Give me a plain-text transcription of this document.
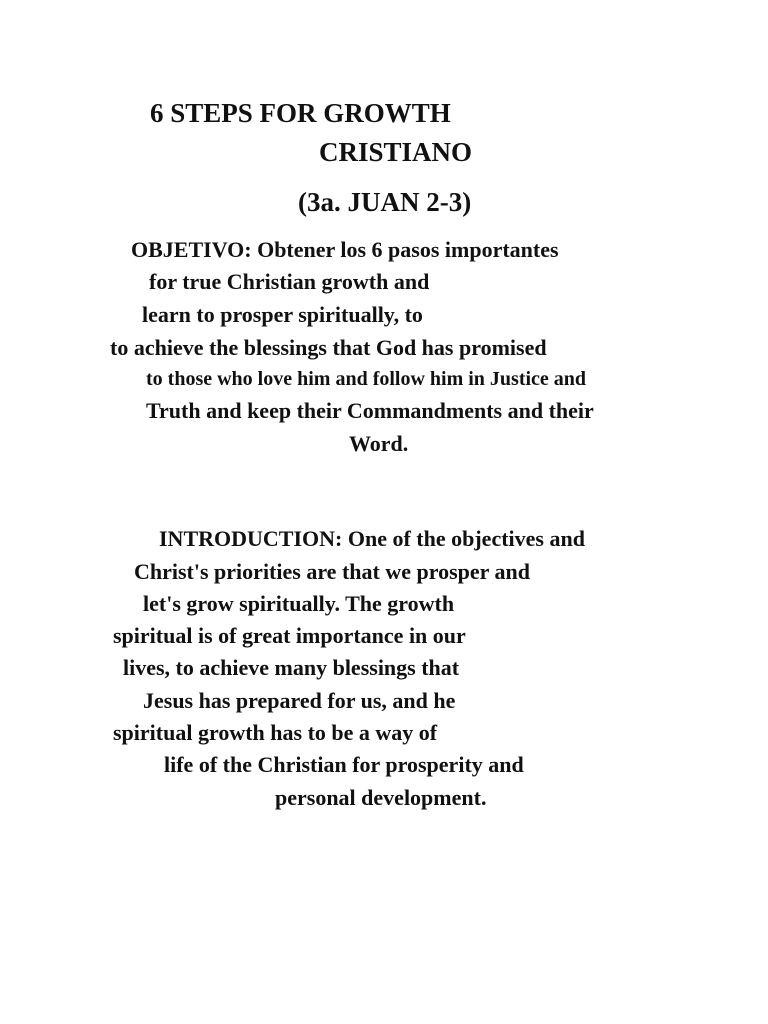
6 STEPS FOR GROWTH
CRISTIANO
(3a. JUAN 2-3)
OBJETIVO: Obtener los 6 pasos importantes
for true Christian growth and
learn to prosper spiritually, to
to achieve the blessings that God has promised
to those who love him and follow him in Justice and
Truth and keep their Commandments and their
Word.
INTRODUCTION: One of the objectives and
Christ's priorities are that we prosper and
let's grow spiritually. The growth
spiritual is of great importance in our
lives, to achieve many blessings that
Jesus has prepared for us, and he
spiritual growth has to be a way of
life of the Christian for prosperity and
personal development.
